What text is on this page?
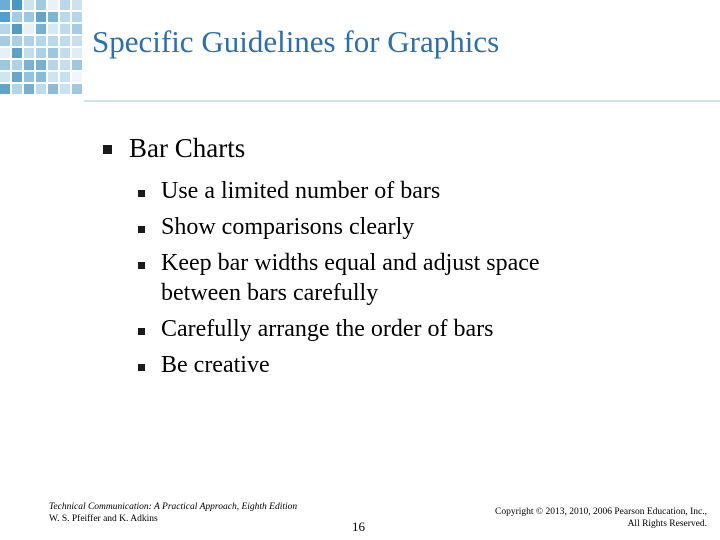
Specific Guidelines for Graphics
Bar Charts
Use a limited number of bars
Show comparisons clearly
Keep bar widths equal and adjust space between bars carefully
Carefully arrange the order of bars
Be creative
Technical Communication: A Practical Approach, Eighth Edition
W. S. Pfeiffer and K. Adkins	16
Copyright © 2013, 2010, 2006 Pearson Education, Inc.,
All Rights Reserved.
